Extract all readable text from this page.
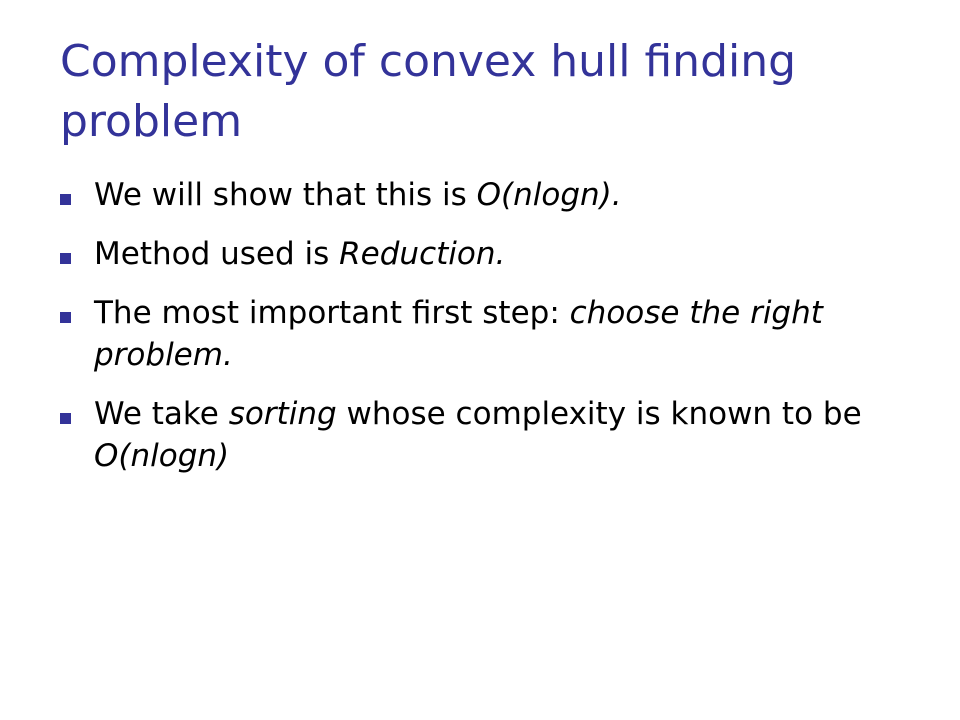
Complexity of convex hull finding problem
We will show that this is O(nlogn).
Method used is Reduction.
The most important first step: choose the right problem.
We take sorting whose complexity is known to be O(nlogn)
